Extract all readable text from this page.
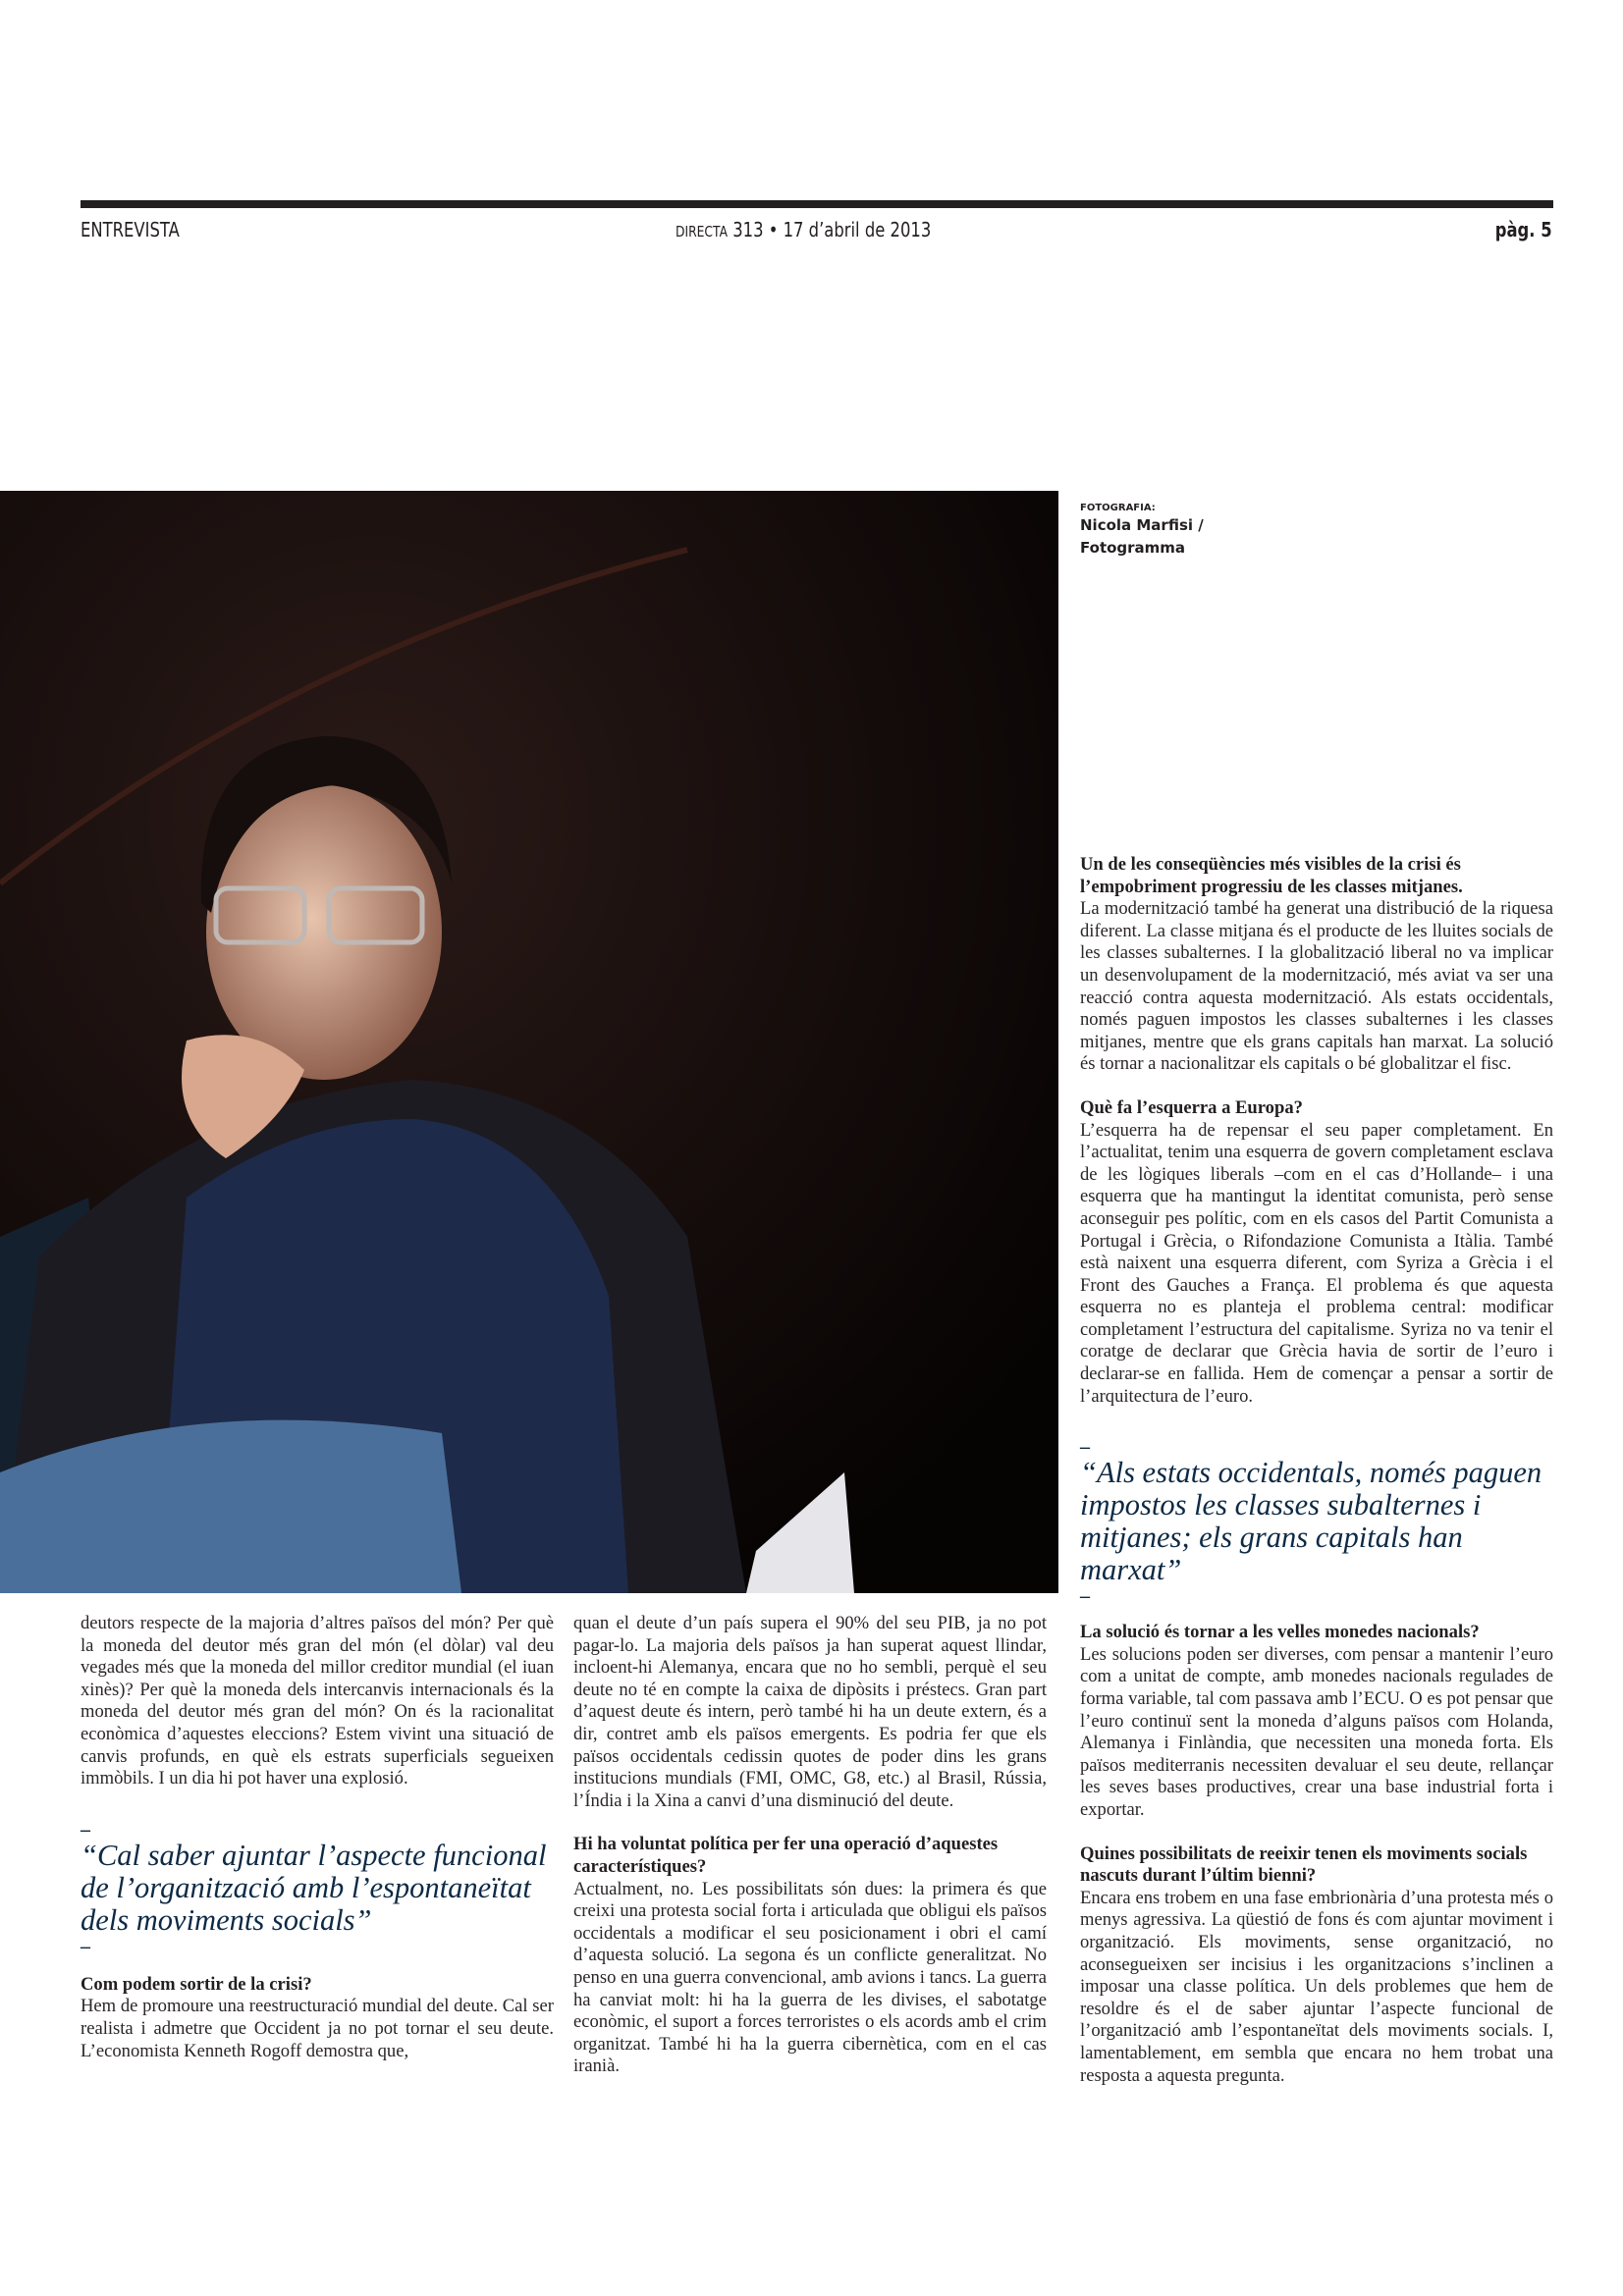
ENTREVISTA	DIRECTA 313 • 17 d’abril de 2013	pàg. 5
FOTOGRAFIA:
Nicola Marfisi /
Fotogramma

Un de les conseqüències més visibles de la crisi és l’empobriment progressiu de les classes mitjanes.

La modernització també ha generat una distribució de la riquesa diferent. La classe mitjana és el producte de les lluites socials de les classes subalternes. I la globalització liberal no va implicar un desenvolupament de la modernització, més aviat va ser una reacció contra aquesta modernització. Als estats occidentals, només paguen impostos les classes subalternes i les classes mitjanes, mentre que els grans capitals han marxat. La solució és tornar a nacionalitzar els capitals o bé globalitzar el fisc.

Què fa l’esquerra a Europa?

L’esquerra ha de repensar el seu paper completament. En l’actualitat, tenim una esquerra de govern completament esclava de les lògiques liberals –com en el cas d’Hollande– i una esquerra que ha mantingut la identitat comunista, però sense aconseguir pes polític, com en els casos del Partit Comunista a Portugal i Grècia, o Rifondazione Comunista a Itàlia. També està naixent una esquerra diferent, com Syriza a Grècia i el Front des Gauches a França. El problema és que aquesta esquerra no es planteja el problema central: modificar completament l’estructura del capitalisme. Syriza no va tenir el coratge de declarar que Grècia havia de sortir de l’euro i declarar-se en fallida. Hem de començar a pensar a sortir de l’arquitectura de l’euro.

–

“Als estats occidentals, només paguen impostos les classes subalternes i mitjanes; els grans capitals han marxat”

–

La solució és tornar a les velles monedes nacionals?

Les solucions poden ser diverses, com pensar a mantenir l’euro com a unitat de compte, amb monedes nacionals regulades de forma variable, tal com passava amb l’ECU. O es pot pensar que l’euro continuï sent la moneda d’alguns països com Holanda, Alemanya i Finlàndia, que necessiten una moneda forta. Els països mediterranis necessiten devaluar el seu deute, rellançar les seves bases productives, crear una base industrial forta i exportar.

Quines possibilitats de reeixir tenen els moviments socials nascuts durant l’últim bienni?

Encara ens trobem en una fase embrionària d’una protesta més o menys agressiva. La qüestió de fons és com ajuntar moviment i organització. Els moviments, sense organització, no aconsegueixen ser incisius i les organitzacions s’inclinen a imposar una classe política. Un dels problemes que hem de resoldre és el de saber ajuntar l’aspecte funcional de l’organització amb l’espontaneïtat dels moviments socials. I, lamentablement, em sembla que encara no hem trobat una resposta a aquesta pregunta.

deutors respecte de la majoria d’altres països del món? Per què la moneda del deutor més gran del món (el dòlar) val deu vegades més que la moneda del millor creditor mundial (el iuan xinès)? Per què la moneda dels intercanvis internacionals és la moneda del deutor més gran del món? On és la racionalitat econòmica d’aquestes eleccions? Estem vivint una situació de canvis profunds, en què els estrats superficials segueixen immòbils. I un dia hi pot haver una explosió.

–

“Cal saber ajuntar l’aspecte funcional de l’organització amb l’espontaneïtat dels moviments socials”

–

Com podem sortir de la crisi?

Hem de promoure una reestructuració mundial del deute. Cal ser realista i admetre que Occident ja no pot tornar el seu deute. L’economista Kenneth Rogoff demostra que,

quan el deute d’un país supera el 90% del seu PIB, ja no pot pagar-lo. La majoria dels països ja han superat aquest llindar, incloent-hi Alemanya, encara que no ho sembli, perquè el seu deute no té en compte la caixa de dipòsits i préstecs. Gran part d’aquest deute és intern, però també hi ha un deute extern, és a dir, contret amb els països emergents. Es podria fer que els països occidentals cedissin quotes de poder dins les grans institucions mundials (FMI, OMC, G8, etc.) al Brasil, Rússia, l’Índia i la Xina a canvi d’una disminució del deute.

Hi ha voluntat política per fer una operació d’aquestes característiques?

Actualment, no. Les possibilitats són dues: la primera és que creixi una protesta social forta i articulada que obligui els països occidentals a modificar el seu posicionament i obri el camí d’aquesta solució. La segona és un conflicte generalitzat. No penso en una guerra convencional, amb avions i tancs. La guerra ha canviat molt: hi ha la guerra de les divises, el sabotatge econòmic, el suport a forces terroristes o els acords amb el crim organitzat. També hi ha la guerra cibernètica, com en el cas iranià.
